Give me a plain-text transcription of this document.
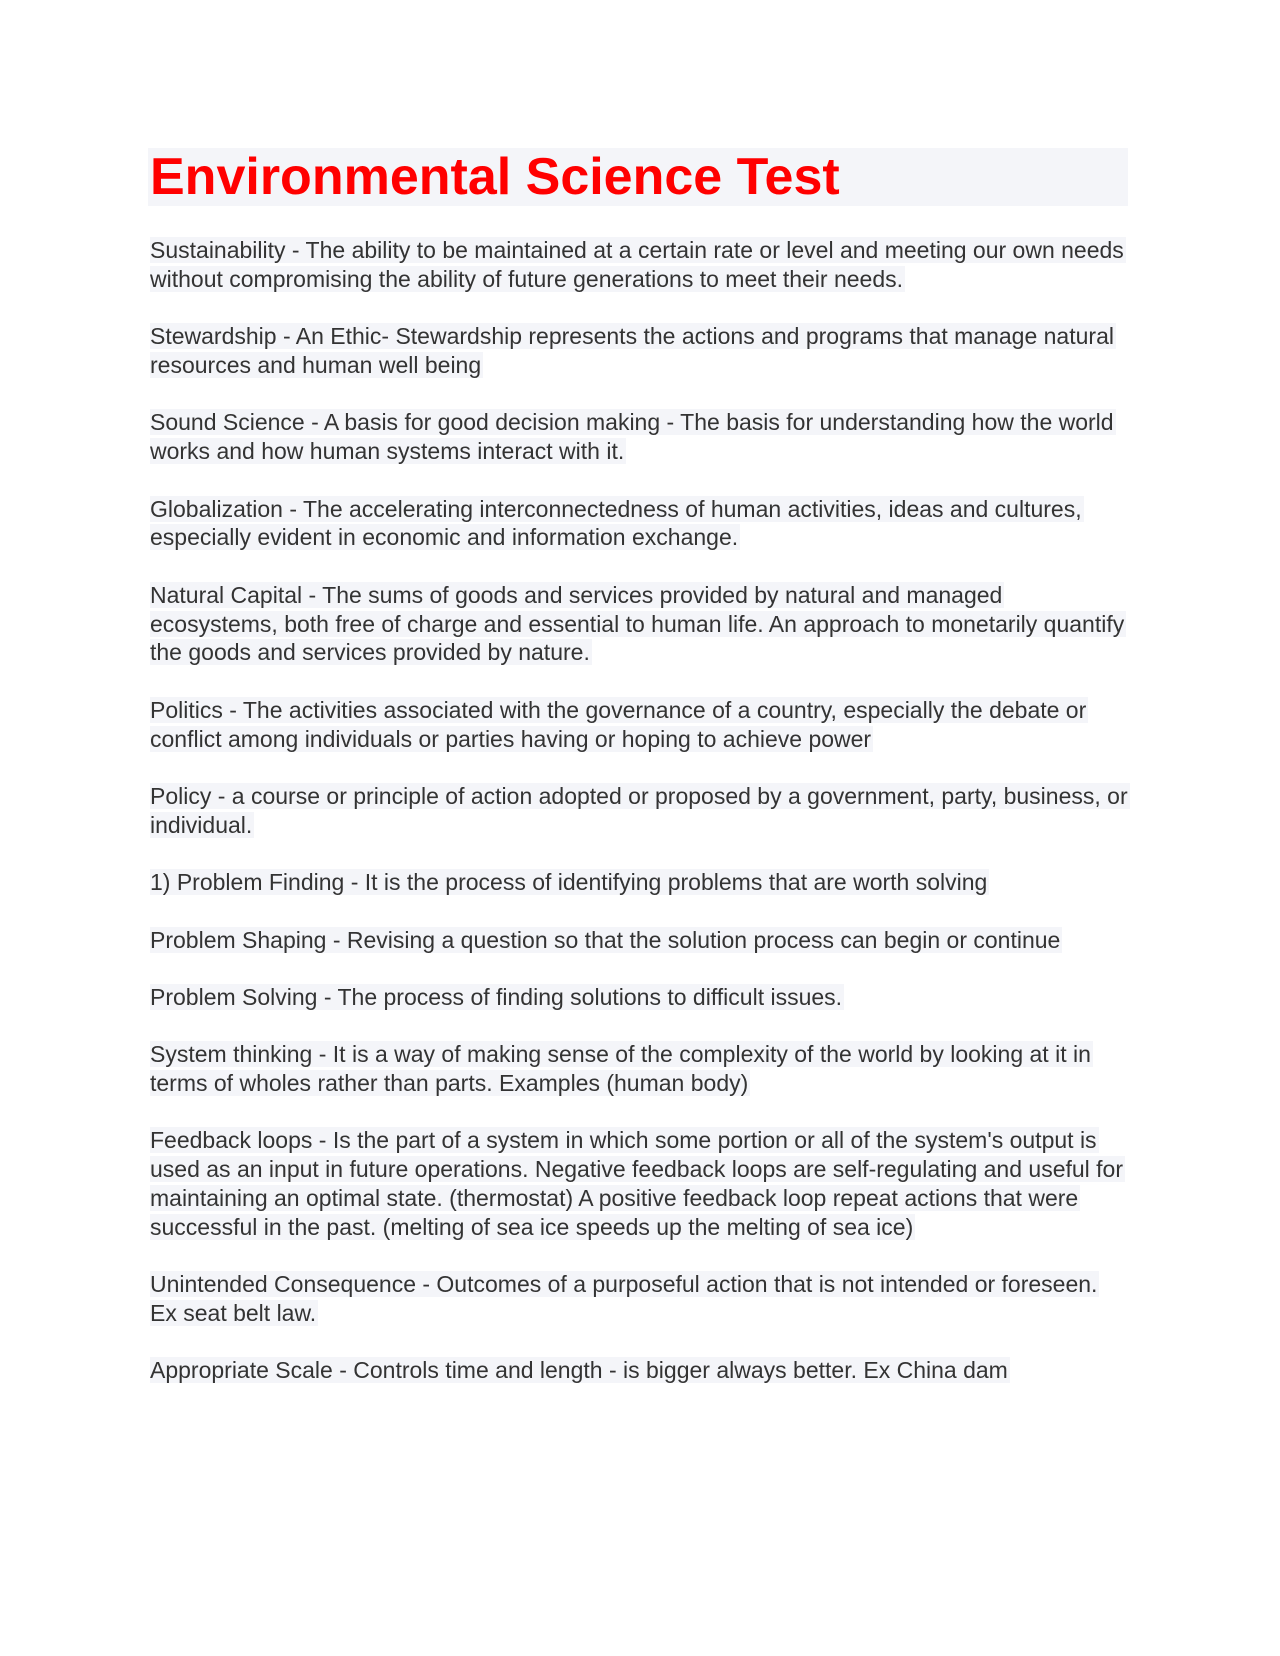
Environmental Science Test

Sustainability - The ability to be maintained at a certain rate or level and meeting our own needs without compromising the ability of future generations to meet their needs.

Stewardship - An Ethic- Stewardship represents the actions and programs that manage natural resources and human well being

Sound Science - A basis for good decision making - The basis for understanding how the world works and how human systems interact with it.

Globalization - The accelerating interconnectedness of human activities, ideas and cultures, especially evident in economic and information exchange.

Natural Capital - The sums of goods and services provided by natural and managed ecosystems, both free of charge and essential to human life. An approach to monetarily quantify the goods and services provided by nature.

Politics - The activities associated with the governance of a country, especially the debate or conflict among individuals or parties having or hoping to achieve power

Policy - a course or principle of action adopted or proposed by a government, party, business, or individual.

1) Problem Finding - It is the process of identifying problems that are worth solving

Problem Shaping - Revising a question so that the solution process can begin or continue

Problem Solving - The process of finding solutions to difficult issues.

System thinking - It is a way of making sense of the complexity of the world by looking at it in terms of wholes rather than parts. Examples (human body)

Feedback loops - Is the part of a system in which some portion or all of the system's output is used as an input in future operations. Negative feedback loops are self-regulating and useful for maintaining an optimal state. (thermostat) A positive feedback loop repeat actions that were successful in the past. (melting of sea ice speeds up the melting of sea ice)

Unintended Consequence - Outcomes of a purposeful action that is not intended or foreseen. Ex seat belt law.

Appropriate Scale - Controls time and length - is bigger always better. Ex China dam
